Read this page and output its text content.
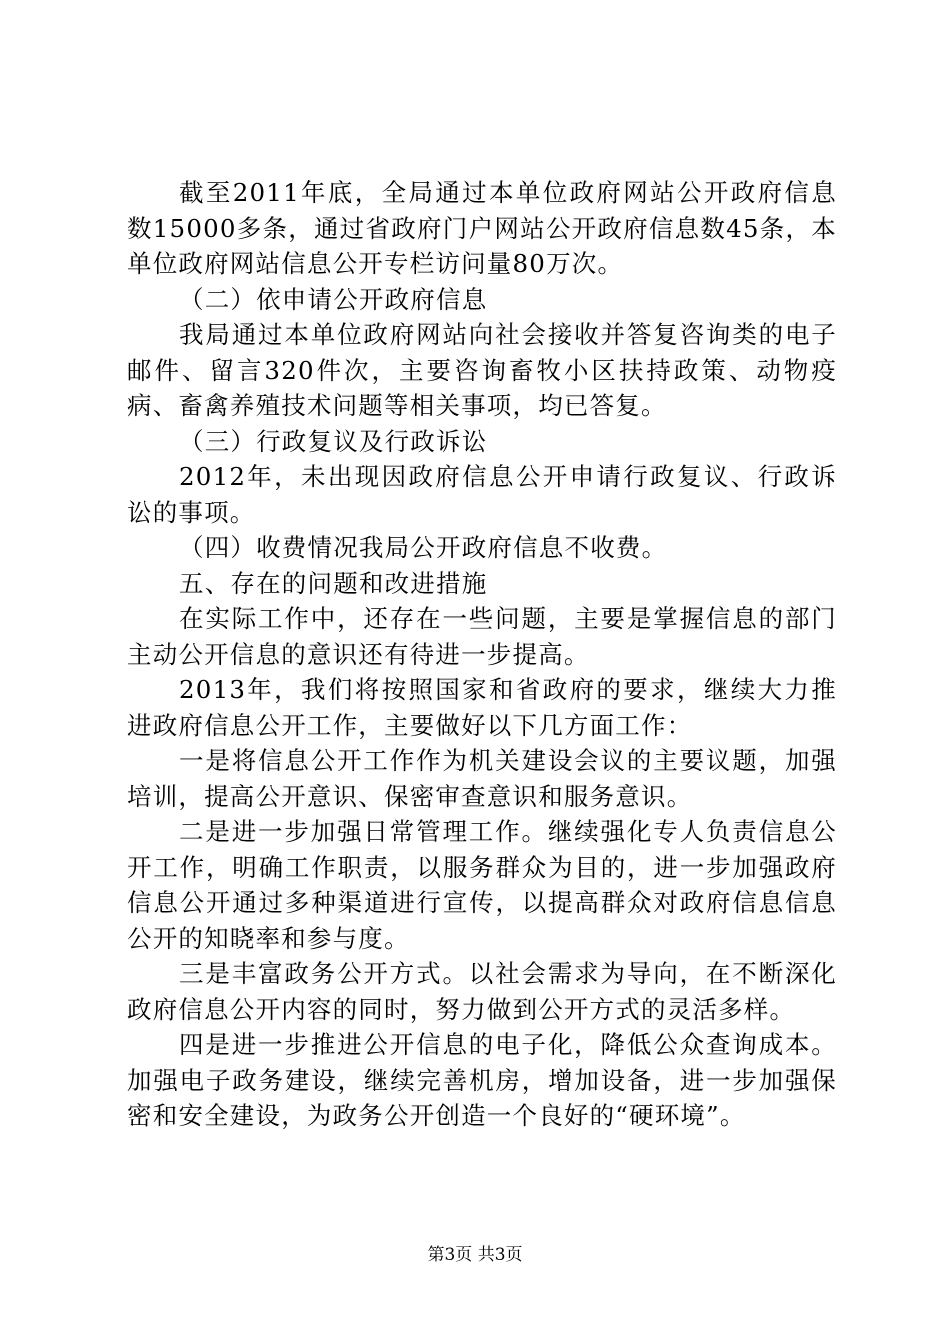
截至2011年底，全局通过本单位政府网站公开政府信息数15000多条，通过省政府门户网站公开政府信息数45条，本单位政府网站信息公开专栏访问量80万次。

（二）依申请公开政府信息

我局通过本单位政府网站向社会接收并答复咨询类的电子邮件、留言320件次，主要咨询畜牧小区扶持政策、动物疫病、畜禽养殖技术问题等相关事项，均已答复。

（三）行政复议及行政诉讼

2012年，未出现因政府信息公开申请行政复议、行政诉讼的事项。

（四）收费情况我局公开政府信息不收费。

五、存在的问题和改进措施

在实际工作中，还存在一些问题，主要是掌握信息的部门主动公开信息的意识还有待进一步提高。

2013年，我们将按照国家和省政府的要求，继续大力推进政府信息公开工作，主要做好以下几方面工作：

一是将信息公开工作作为机关建设会议的主要议题，加强培训，提高公开意识、保密审查意识和服务意识。

二是进一步加强日常管理工作。继续强化专人负责信息公开工作，明确工作职责，以服务群众为目的，进一步加强政府信息公开通过多种渠道进行宣传，以提高群众对政府信息信息公开的知晓率和参与度。

三是丰富政务公开方式。以社会需求为导向，在不断深化政府信息公开内容的同时，努力做到公开方式的灵活多样。

四是进一步推进公开信息的电子化，降低公众查询成本。加强电子政务建设，继续完善机房，增加设备，进一步加强保密和安全建设，为政务公开创造一个良好的“硬环境”。

第3页 共3页
